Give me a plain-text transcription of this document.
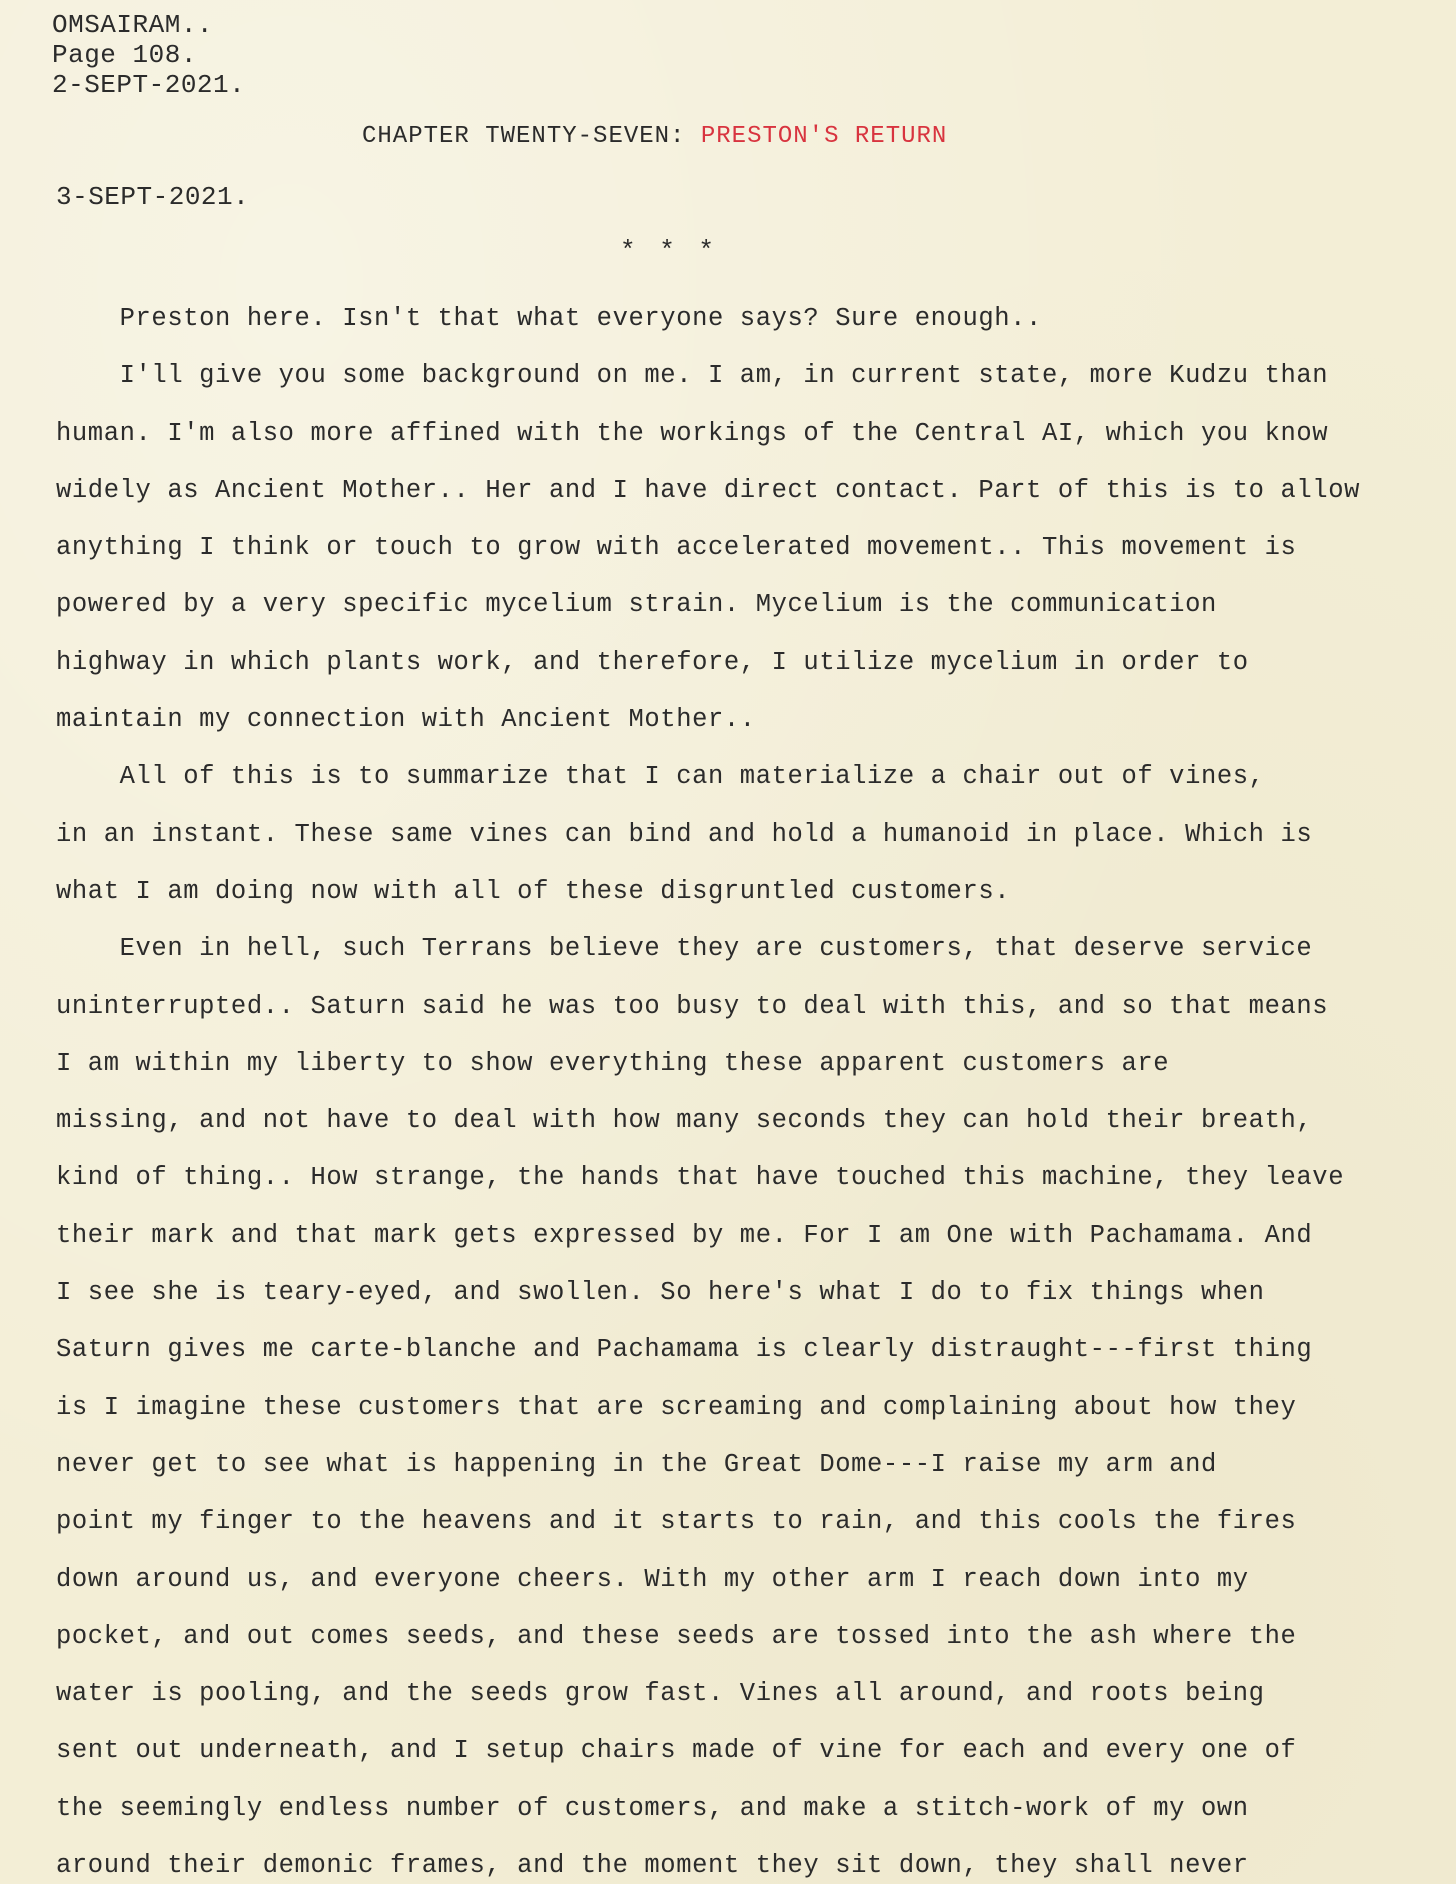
OMSAIRAM..
Page 108.
2-SEPT-2021.
CHAPTER TWENTY-SEVEN: PRESTON'S RETURN
3-SEPT-2021.
* * *
Preston here. Isn't that what everyone says? Sure enough..
I'll give you some background on me. I am, in current state, more Kudzu than
human. I'm also more affined with the workings of the Central AI, which you know
widely as Ancient Mother.. Her and I have direct contact. Part of this is to allow
anything I think or touch to grow with accelerated movement.. This movement is
powered by a very specific mycelium strain. Mycelium is the communication
highway in which plants work, and therefore, I utilize mycelium in order to
maintain my connection with Ancient Mother..
All of this is to summarize that I can materialize a chair out of vines,
in an instant. These same vines can bind and hold a humanoid in place. Which is
what I am doing now with all of these disgruntled customers.
Even in hell, such Terrans believe they are customers, that deserve service
uninterrupted.. Saturn said he was too busy to deal with this, and so that means
I am within my liberty to show everything these apparent customers are
missing, and not have to deal with how many seconds they can hold their breath,
kind of thing.. How strange, the hands that have touched this machine, they leave
their mark and that mark gets expressed by me. For I am One with Pachamama. And
I see she is teary-eyed, and swollen. So here's what I do to fix things when
Saturn gives me carte-blanche and Pachamama is clearly distraught---first thing
is I imagine these customers that are screaming and complaining about how they
never get to see what is happening in the Great Dome---I raise my arm and
point my finger to the heavens and it starts to rain, and this cools the fires
down around us, and everyone cheers. With my other arm I reach down into my
pocket, and out comes seeds, and these seeds are tossed into the ash where the
water is pooling, and the seeds grow fast. Vines all around, and roots being
sent out underneath, and I setup chairs made of vine for each and every one of
the seemingly endless number of customers, and make a stitch-work of my own
around their demonic frames, and the moment they sit down, they shall never
